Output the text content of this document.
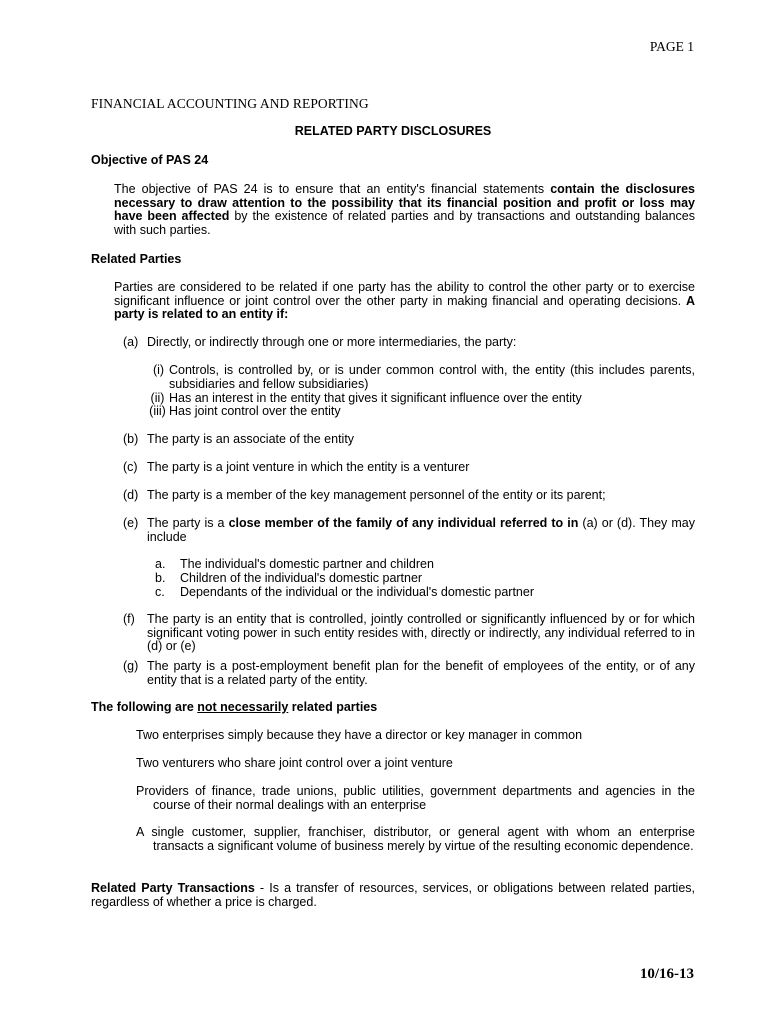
PAGE 1
FINANCIAL ACCOUNTING AND REPORTING
RELATED PARTY DISCLOSURES
Objective of PAS 24
The objective of PAS 24 is to ensure that an entity's financial statements contain the disclosures necessary to draw attention to the possibility that its financial position and profit or loss may have been affected by the existence of related parties and by transactions and outstanding balances with such parties.
Related Parties
Parties are considered to be related if one party has the ability to control the other party or to exercise significant influence or joint control over the other party in making financial and operating decisions. A party is related to an entity if:
(a) Directly, or indirectly through one or more intermediaries, the party:
(i) Controls, is controlled by, or is under common control with, the entity (this includes parents, subsidiaries and fellow subsidiaries)
(ii) Has an interest in the entity that gives it significant influence over the entity
(iii) Has joint control over the entity
(b) The party is an associate of the entity
(c) The party is a joint venture in which the entity is a venturer
(d) The party is a member of the key management personnel of the entity or its parent;
(e) The party is a close member of the family of any individual referred to in (a) or (d). They may include
a.	The individual's domestic partner and children
b.	Children of the individual's domestic partner
c.	Dependants of the individual or the individual's domestic partner
(f) The party is an entity that is controlled, jointly controlled or significantly influenced by or for which significant voting power in such entity resides with, directly or indirectly, any individual referred to in (d) or (e)
(g) The party is a post-employment benefit plan for the benefit of employees of the entity, or of any entity that is a related party of the entity.
The following are not necessarily related parties
Two enterprises simply because they have a director or key manager in common
Two venturers who share joint control over a joint venture
Providers of finance, trade unions, public utilities, government departments and agencies in the course of their normal dealings with an enterprise
A single customer, supplier, franchiser, distributor, or general agent with whom an enterprise transacts a significant volume of business merely by virtue of the resulting economic dependence.
Related Party Transactions - Is a transfer of resources, services, or obligations between related parties, regardless of whether a price is charged.
10/16-13
